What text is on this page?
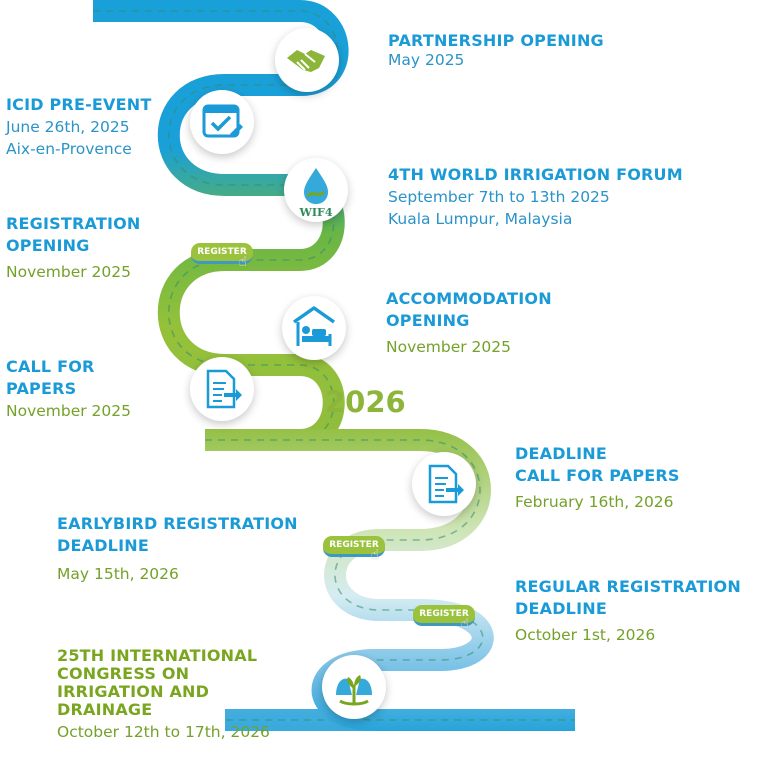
WIF4
REGISTER
☝
REGISTER
☝
REGISTER
☝
2026
PARTNERSHIP OPENING
May 2025
ICID PRE-EVENT
June 26th, 2025
Aix-en-Provence
4TH WORLD IRRIGATION FORUM
September 7th to 13th 2025
Kuala Lumpur, Malaysia
REGISTRATION
OPENING
November 2025
ACCOMMODATION
OPENING
November 2025
CALL FOR
PAPERS
November 2025
DEADLINE
CALL FOR PAPERS
February 16th, 2026
EARLYBIRD REGISTRATION
DEADLINE
May 15th, 2026
REGULAR REGISTRATION
DEADLINE
October 1st, 2026
25TH INTERNATIONAL
CONGRESS ON
IRRIGATION AND
DRAINAGE
October 12th to 17th, 2026
